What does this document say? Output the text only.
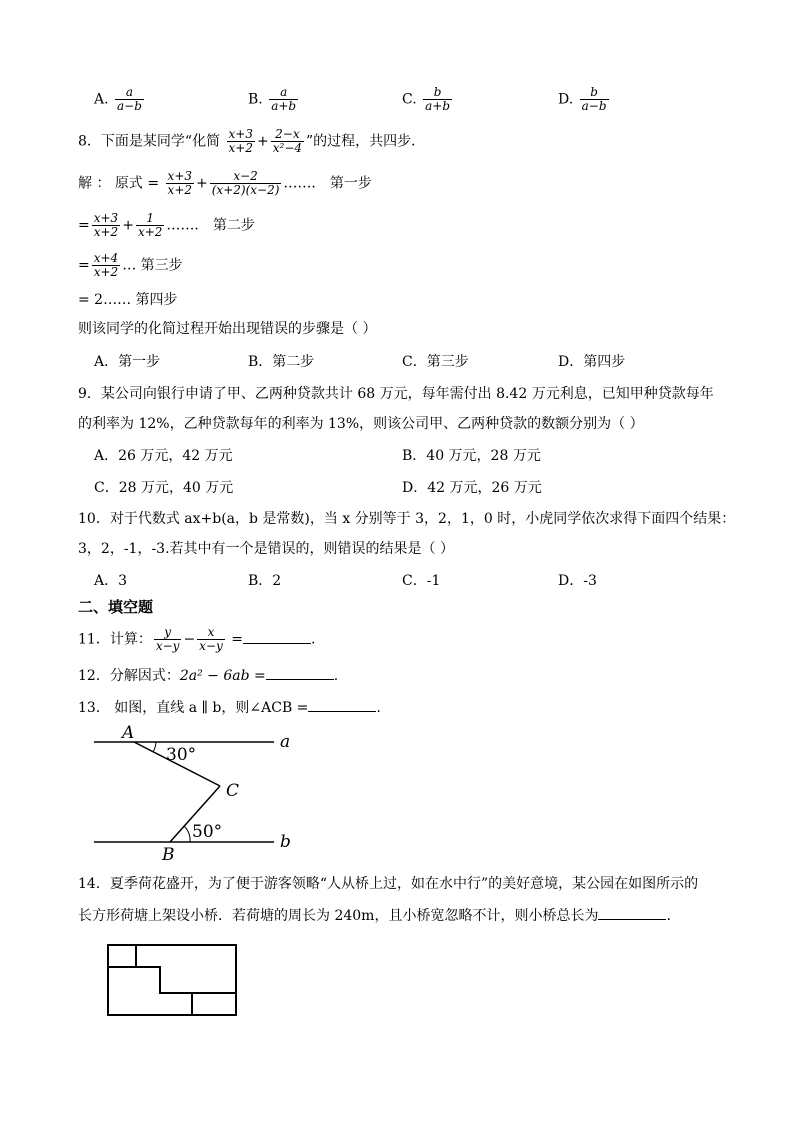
A. $\frac{a}{a-b}$	B. $\frac{a}{a+b}$	C. $\frac{b}{a+b}$	D. $\frac{b}{a-b}$
8．下面是某同学“化简 $\frac{x+3}{x+2} + \frac{2-x}{\text{x²−4}}$ ”的过程，共四步．
解 ： 原式 = $\frac{x+3}{x+2} + \frac{x-2}{(x+2)(x-2)}$ ……． 第一步
= $\frac{x+3}{x+2} + \frac{1}{x+2}$ ……． 第二步
= $\frac{x+4}{x+2}$ … 第三步
= 2…… 第四步
则该同学的化简过程开始出现错误的步骤是（ ）
A．第一步	B．第二步	C．第三步	D．第四步
9．某公司向银行申请了甲、乙两种贷款共计 68 万元，每年需付出 8.42 万元利息，已知甲种贷款每年
的利率为 12%，乙种贷款每年的利率为 13%，则该公司甲、乙两种贷款的数额分别为（ ）
A．26 万元，42 万元	B．40 万元，28 万元
C．28 万元，40 万元	D．42 万元，26 万元
10．对于代数式 ax+b(a，b 是常数)，当 x 分别等于 3，2，1，0 时，小虎同学依次求得下面四个结果：
3，2，-1，-3.若其中有一个是错误的，则错误的结果是（ ）
A．3	B．2	C．-1	D．-3
二、填空题
11．计算： $\frac{y}{x-y} - \frac{x}{x-y}$ =	.
12．分解因式：2a² − 6ab =	.
13． 如图，直线 a ∥ b，则∠ACB =	.
A
B
C
a
b
30°
50°
14．夏季荷花盛开，为了便于游客领略“人从桥上过，如在水中行”的美好意境，某公园在如图所示的
长方形荷塘上架设小桥．若荷塘的周长为 240m，且小桥宽忽略不计，则小桥总长为	.
